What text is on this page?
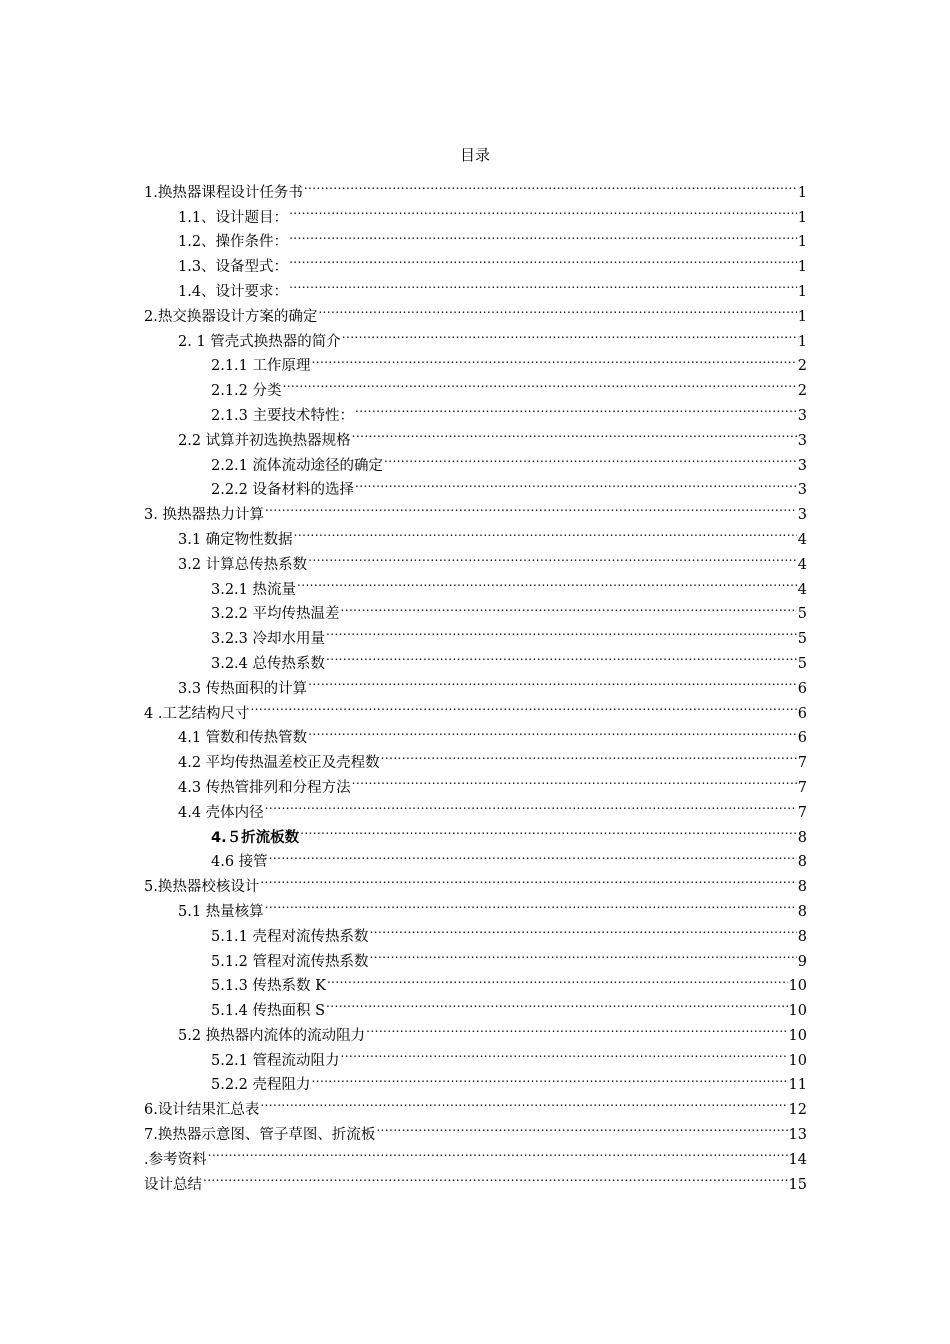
目录
1.换热器课程设计任务书 .....	1
1.1、设计题目： .....	1
1.2、操作条件： .....	1
1.3、设备型式： .....	1
1.4、设计要求： .....	1
2.热交换器设计方案的确定 .....	1
2. 1 管壳式换热器的简介 .....	1
2.1.1 工作原理 .....	2
2.1.2 分类 .....	2
2.1.3 主要技术特性： .....	3
2.2 试算并初选换热器规格 .....	3
2.2.1 流体流动途径的确定 .....	3
2.2.2 设备材料的选择 .....	3
3. 换热器热力计算 .....	3
3.1 确定物性数据 .....	4
3.2 计算总传热系数 .....	4
3.2.1 热流量 .....	4
3.2.2 平均传热温差 .....	5
3.2.3 冷却水用量 .....	5
3.2.4 总传热系数 .....	5
3.3 传热面积的计算 .....	6
4 .工艺结构尺寸 .....	6
4.1 管数和传热管数 .....	6
4.2 平均传热温差校正及壳程数 .....	7
4.3 传热管排列和分程方法 .....	7
4.4 壳体内径 .....	7
4.５折流板数 .....	8
4.6 接管 .....	8
5.换热器校核设计 .....	8
5.1 热量核算 .....	8
5.1.1 壳程对流传热系数 .....	8
5.1.2 管程对流传热系数 .....	9
5.1.3 传热系数 K .....	10
5.1.4 传热面积 S .....	10
5.2 换热器内流体的流动阻力 .....	10
5.2.1 管程流动阻力 .....	10
5.2.2 壳程阻力 .....	11
6.设计结果汇总表 .....	12
7.换热器示意图、管子草图、折流板 .....	13
.参考资料 .....	14
设计总结 .....	15
